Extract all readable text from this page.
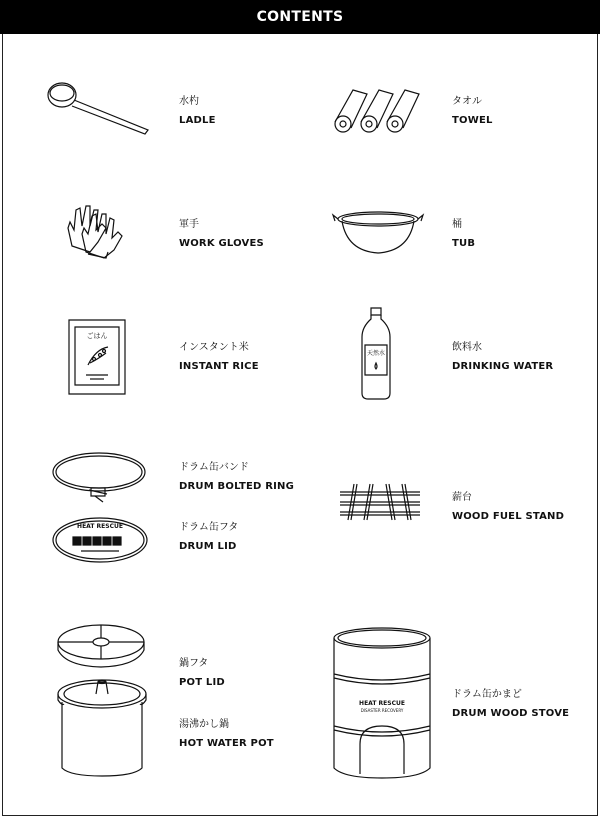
CONTENTS
水杓
LADLE
タオル
TOWEL
軍手
WORK GLOVES
桶
TUB
ごはん
インスタント米
INSTANT RICE
天然水
飲料水
DRINKING WATER
ドラム缶バンド
DRUM BOLTED RING
HEAT RESCUE	ドラム缶フタ
DRUM LID
薪台
WOOD FUEL STAND
鍋フタ
POT LID
湯沸かし鍋
HOT WATER POT
HEAT RESCUE
DISASTER RECOVERY
ドラム缶かまど
DRUM WOOD STOVE
